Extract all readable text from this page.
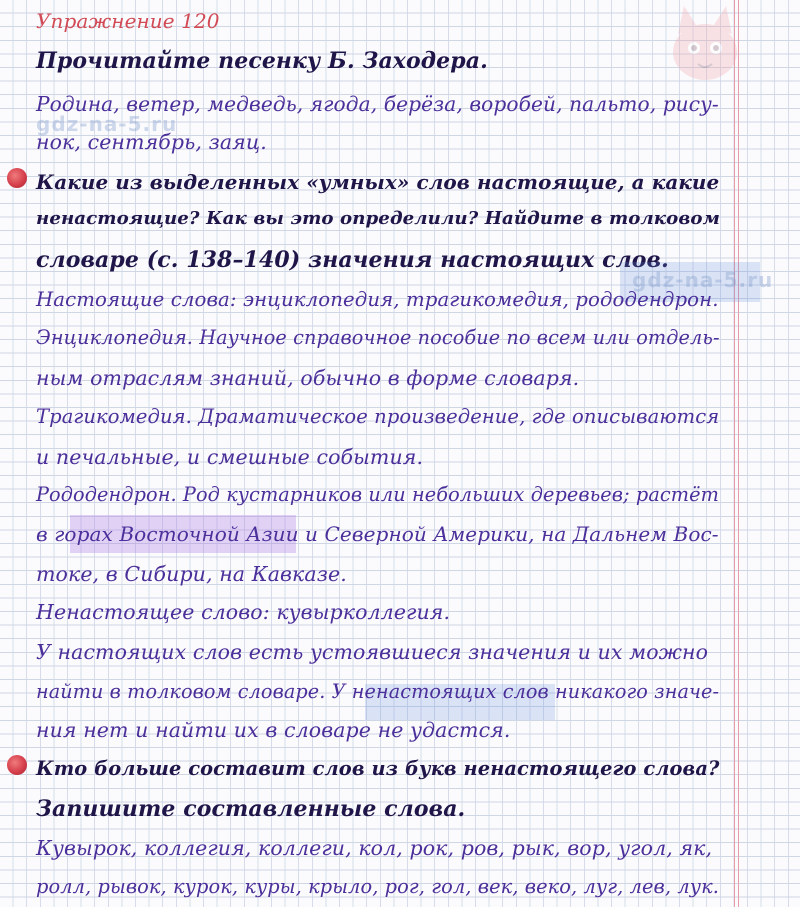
Упражнение 120
Прочитайте песенку Б. Заходера.
Родина, ветер, медведь, ягода, берёза, воробей, пальто, рису-
нок, сентябрь, заяц.
gdz-na-5.ru
Какие из выделенных «умных» слов настоящие, а какие
ненастоящие? Как вы это определили? Найдите в толковом
словаре (с. 138–140) значения настоящих слов.
gdz-na-5.ru
Настоящие слова: энциклопедия, трагикомедия, рододендрон.
Энциклопедия. Научное справочное пособие по всем или отдель-
ным отраслям знаний, обычно в форме словаря.
Трагикомедия. Драматическое произведение, где описываются
и печальные, и смешные события.
Рододендрон. Род кустарников или небольших деревьев; растёт
в горах Восточной Азии и Северной Америки, на Дальнем Вос-
токе, в Сибири, на Кавказе.
Ненастоящее слово: кувырколлегия.
У настоящих слов есть устоявшиеся значения и их можно
найти в толковом словаре. У ненастоящих слов никакого значе-
ния нет и найти их в словаре не удастся.
Кто больше составит слов из букв ненастоящего слова?
Запишите составленные слова.
Кувырок, коллегия, коллеги, кол, рок, ров, рык, вор, угол, як,
ролл, рывок, курок, куры, крыло, рог, гол, век, веко, луг, лев, лук.
